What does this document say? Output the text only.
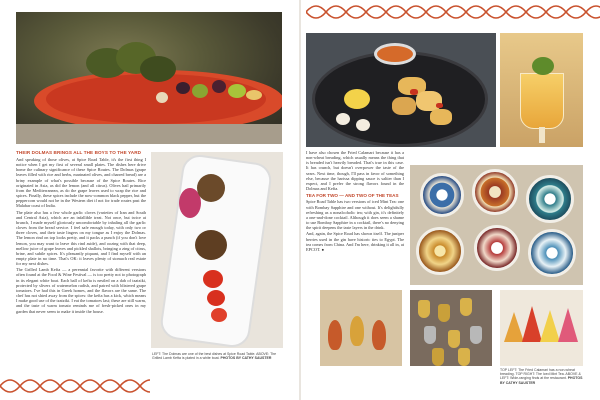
THEIR DOLMAS BRINGS ALL THE BOYS TO THE YARD

And speaking of those olives, at Spice Road Table, it's the first thing I notice when I get my first of several small plates. The dishes here drive home the culinary significance of these Spice Routes. The Dolmas (grape leaves filled with rice and herbs, marinated olives, and charred bread) are a briny example of what's possible because of the Spice Routes. Rice originated in Asia, as did the lemon (and all citrus). Olives hail primarily from the Mediterranean, as do the grape leaves used to wrap the rice and spices. Finally, these spices include the now-common black pepper, but the peppercorn would not be in the Western diet if not for trade routes past the Malabar coast of India.

The plate also has a few whole garlic cloves (varieties of Iran and South and Central Asia), which are an infallible treat. Not once, but twice at brunch, I made myself gloriously uncomfortable by inhaling all the garlic cloves from the bread service. I feel safe enough today, with only two or three cloves, and their taste lingers on my tongue as I enjoy the Dolmas. The lemon rind on top looks pretty, and it packs a punch (if you don't love lemon, you may want to leave this rind aside), and oozing with that deep, mellow juice of grape leaves and pickled shallots, bringing a zing of citrus, brine, and subtle spices. It's pleasantly piquant, and I find myself with an empty plate in no time. That's OK: it leaves plenty of stomach real estate for my next dishes.

The Grilled Lamb Kefta — a perennial favorite with different versions often found at the Food & Wine Festival — is too pretty not to photograph in its elegant white boat. Each ball of kefta is nestled on a dab of tzatziki, protected by slivers of watermelon radish, and paired with blistered grape tomatoes. I've had this in Greek homes, and the flavors are the same. The chef has not shied away from the spices: the kefta has a kick, which means I make good use of the tzatziki. I eat the tomatoes last; these are still warm, and the taste of warm tomato reminds me of fresh-picked ones in my garden that never seem to make it inside the house.

LEFT: The Dolmas are one of the best dishes at Spice Road Table. ABOVE: The Grilled Lamb Kefta is plated in a white boat. PHOTOS BY CATHY SAUSTER

I have also chosen the Fried Calamari because it has a non-wheat breading, which usually means the thing that is breaded isn't heavily breaded. That's true in this case. It has crunch, but doesn't overpower the taste of the sears. Next time, though, I'll pass in favor of something else, because the harissa dipping sauce is saltier than I expect, and I prefer the strong flavors found in the Dolmas and Kefta.

TEA FOR TWO — AND TWO OF THE TEAS

Spice Road Table has two versions of iced Mint Tea: one with Bombay Sapphire and one without. It's delightfully refreshing as a nonalcoholic tea; with gin, it's definitely a one-and-done cocktail. Although it does seem a shame to use Bombay Sapphire in a cocktail, there's no denying the spirit deepens the taste layers in the drink.

And, again, the Spice Road has shown itself. The juniper berries used in the gin have historic ties to Egypt. The tea comes from China. And I'm here, drinking it all in, at EPCOT. ●

TOP LEFT: The Fried Calamari has a non-wheat breading. TOP RIGHT: The Iced Mint Tea. ABOVE & LEFT: Wide-ranging finds at the restaurant. PHOTOS BY CATHY SAUSTER
